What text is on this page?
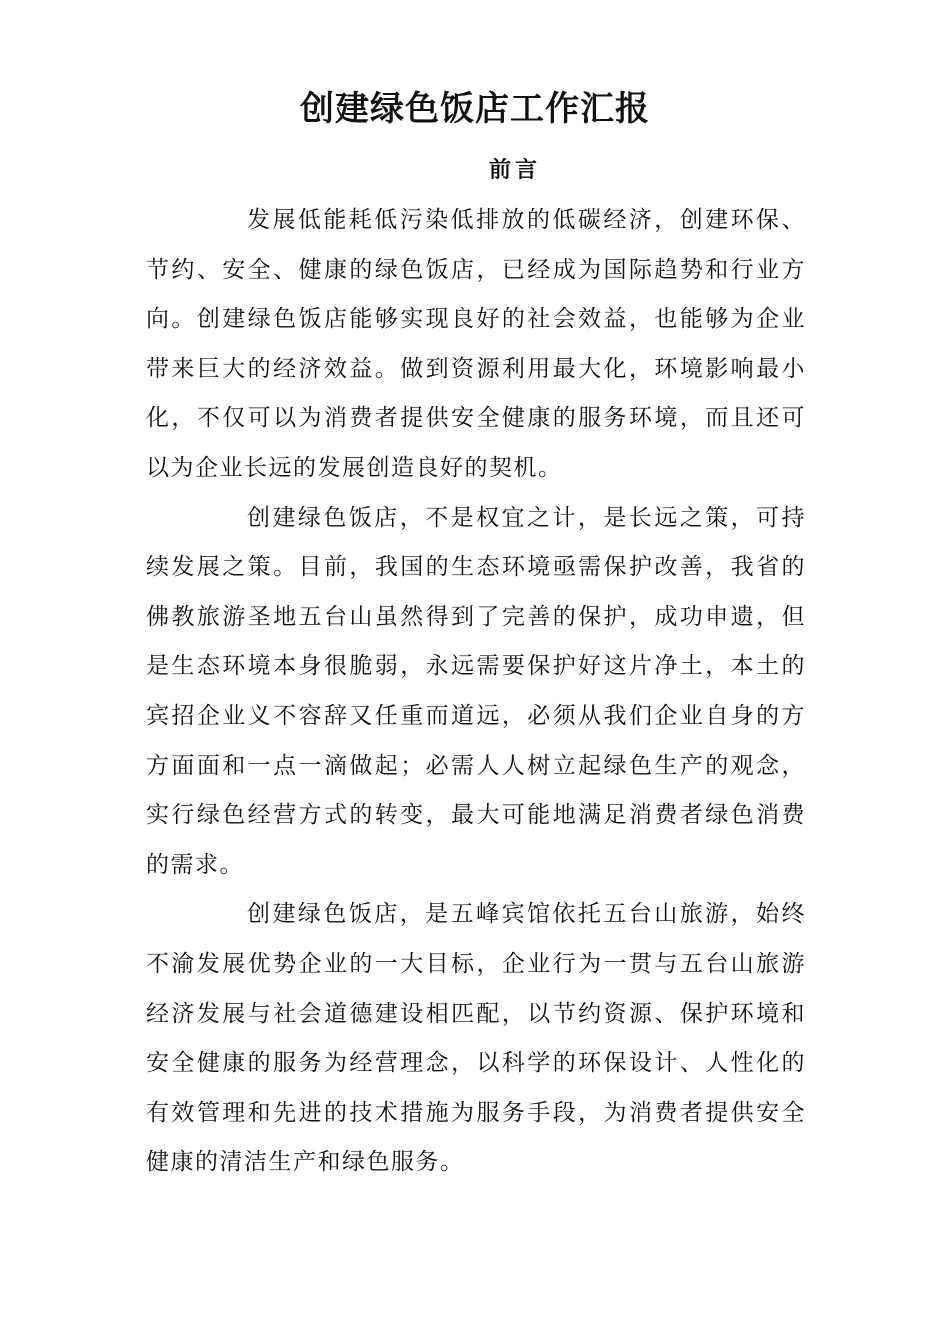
创建绿色饭店工作汇报
前言

发展低能耗低污染低排放的低碳经济，创建环保、节约、安全、健康的绿色饭店，已经成为国际趋势和行业方向。创建绿色饭店能够实现良好的社会效益，也能够为企业带来巨大的经济效益。做到资源利用最大化，环境影响最小化，不仅可以为消费者提供安全健康的服务环境，而且还可以为企业长远的发展创造良好的契机。

创建绿色饭店，不是权宜之计，是长远之策，可持续发展之策。目前，我国的生态环境亟需保护改善，我省的佛教旅游圣地五台山虽然得到了完善的保护，成功申遗，但是生态环境本身很脆弱，永远需要保护好这片净土，本土的宾招企业义不容辞又任重而道远，必须从我们企业自身的方方面面和一点一滴做起；必需人人树立起绿色生产的观念，实行绿色经营方式的转变，最大可能地满足消费者绿色消费的需求。

创建绿色饭店，是五峰宾馆依托五台山旅游，始终不渝发展优势企业的一大目标，企业行为一贯与五台山旅游经济发展与社会道德建设相匹配，以节约资源、保护环境和安全健康的服务为经营理念，以科学的环保设计、人性化的有效管理和先进的技术措施为服务手段，为消费者提供安全健康的清洁生产和绿色服务。
